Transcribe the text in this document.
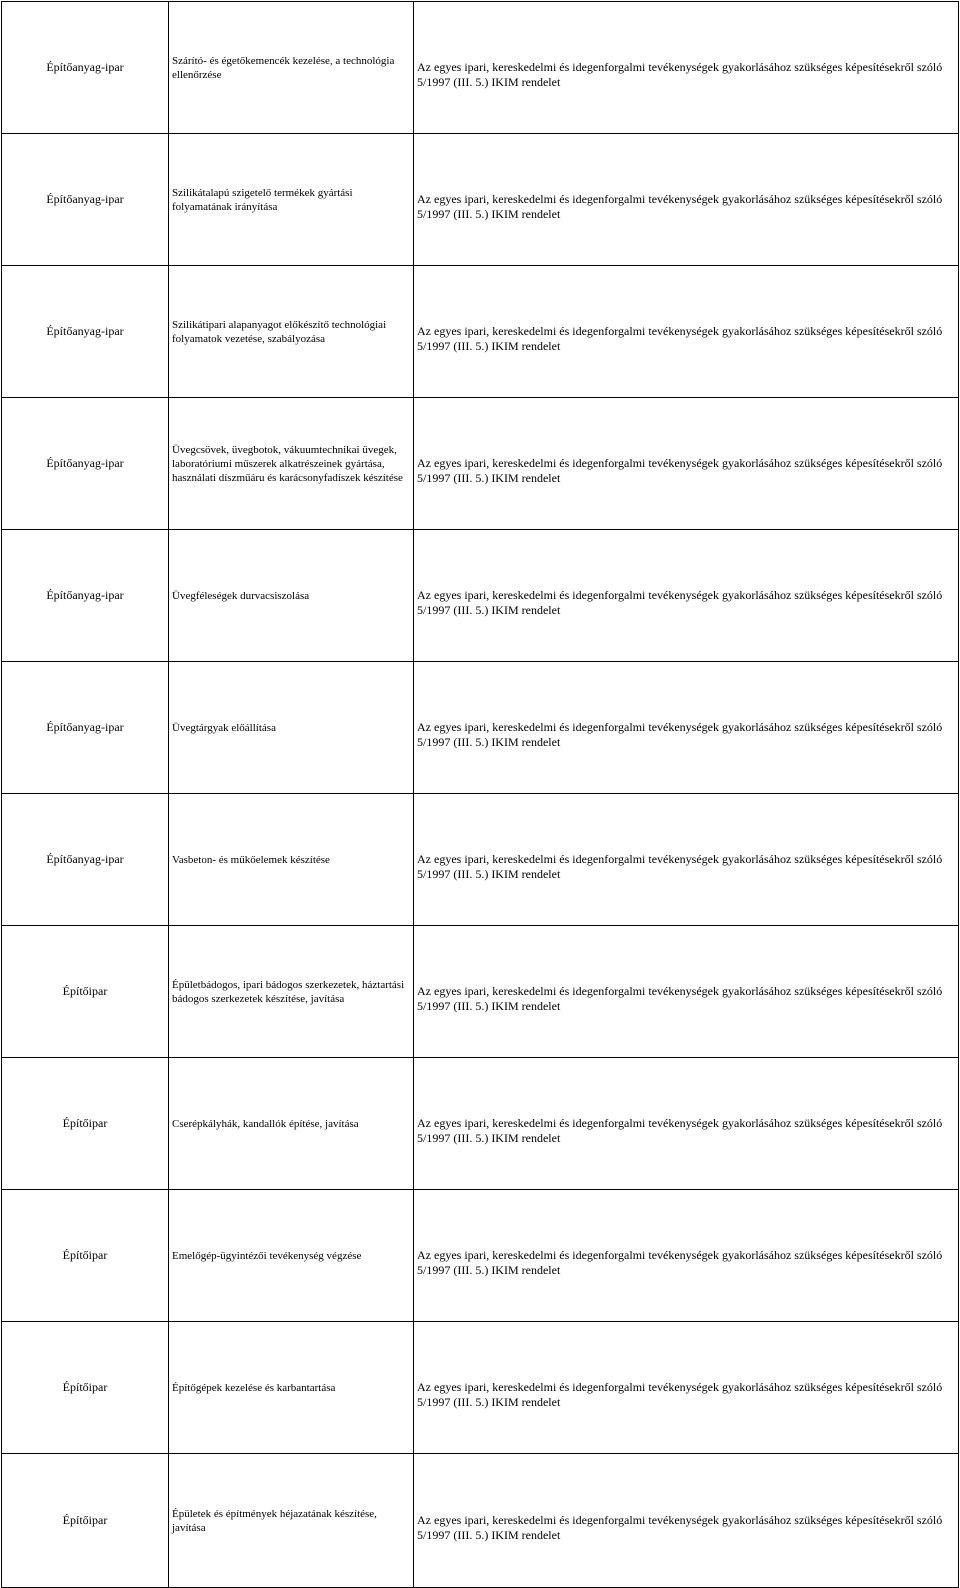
Építőanyag-ipar	Szárító- és égetőkemencék kezelése, a technológia ellenőrzése	Az egyes ipari, kereskedelmi és idegenforgalmi tevékenységek gyakorlásához szükséges képesítésekről szóló 5/1997 (III. 5.) IKIM rendelet
Építőanyag-ipar	Szilikátalapú szigetelő termékek gyártási folyamatának irányítása	Az egyes ipari, kereskedelmi és idegenforgalmi tevékenységek gyakorlásához szükséges képesítésekről szóló 5/1997 (III. 5.) IKIM rendelet
Építőanyag-ipar	Szilikátipari alapanyagot előkészítő technológiai folyamatok vezetése, szabályozása	Az egyes ipari, kereskedelmi és idegenforgalmi tevékenységek gyakorlásához szükséges képesítésekről szóló 5/1997 (III. 5.) IKIM rendelet
Építőanyag-ipar	Üvegcsövek, üvegbotok, vákuumtechnikai üvegek, laboratóriumi műszerek alkatrészeinek gyártása, használati díszműáru és karácsonyfadíszek készítése	Az egyes ipari, kereskedelmi és idegenforgalmi tevékenységek gyakorlásához szükséges képesítésekről szóló 5/1997 (III. 5.) IKIM rendelet
Építőanyag-ipar	Üvegféleségek durvacsiszolása	Az egyes ipari, kereskedelmi és idegenforgalmi tevékenységek gyakorlásához szükséges képesítésekről szóló 5/1997 (III. 5.) IKIM rendelet
Építőanyag-ipar	Üvegtárgyak előállítása	Az egyes ipari, kereskedelmi és idegenforgalmi tevékenységek gyakorlásához szükséges képesítésekről szóló 5/1997 (III. 5.) IKIM rendelet
Építőanyag-ipar	Vasbeton- és műkőelemek készítése	Az egyes ipari, kereskedelmi és idegenforgalmi tevékenységek gyakorlásához szükséges képesítésekről szóló 5/1997 (III. 5.) IKIM rendelet
Építőipar	Épületbádogos, ipari bádogos szerkezetek, háztartási bádogos szerkezetek készítése, javítása	Az egyes ipari, kereskedelmi és idegenforgalmi tevékenységek gyakorlásához szükséges képesítésekről szóló 5/1997 (III. 5.) IKIM rendelet
Építőipar	Cserépkályhák, kandallók építése, javítása	Az egyes ipari, kereskedelmi és idegenforgalmi tevékenységek gyakorlásához szükséges képesítésekről szóló 5/1997 (III. 5.) IKIM rendelet
Építőipar	Emelőgép-ügyintézői tevékenység végzése	Az egyes ipari, kereskedelmi és idegenforgalmi tevékenységek gyakorlásához szükséges képesítésekről szóló 5/1997 (III. 5.) IKIM rendelet
Építőipar	Építőgépek kezelése és karbantartása	Az egyes ipari, kereskedelmi és idegenforgalmi tevékenységek gyakorlásához szükséges képesítésekről szóló 5/1997 (III. 5.) IKIM rendelet
Építőipar	Épületek és építmények héjazatának készítése, javítása	Az egyes ipari, kereskedelmi és idegenforgalmi tevékenységek gyakorlásához szükséges képesítésekről szóló 5/1997 (III. 5.) IKIM rendelet
